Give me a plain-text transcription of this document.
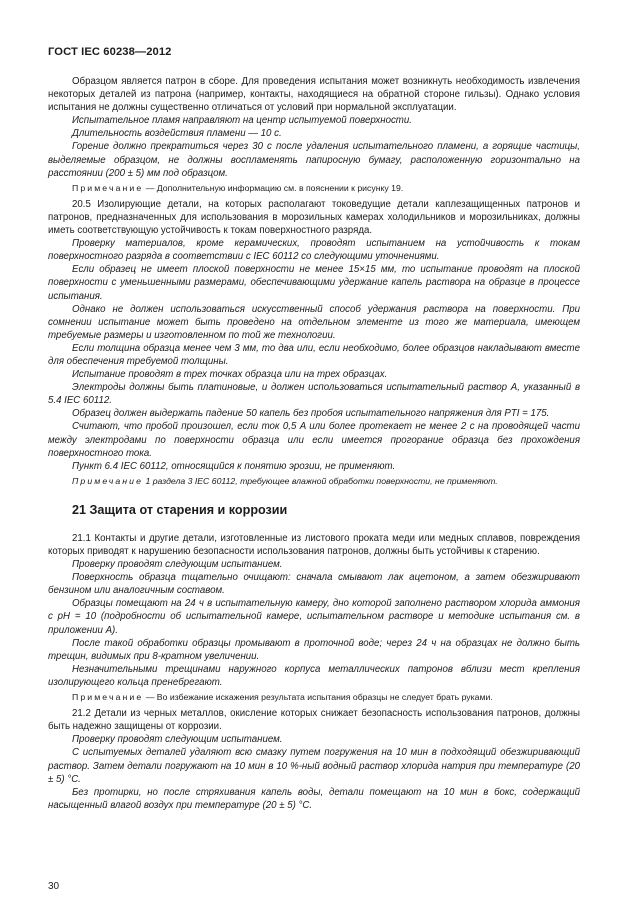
ГОСТ IEC 60238—2012

Образцом является патрон в сборе. Для проведения испытания может возникнуть необходимость извлечения некоторых деталей из патрона (например, контакты, находящиеся на обратной стороне гильзы). Однако условия испытания не должны существенно отличаться от условий при нормальной эксплуатации.

Испытательное пламя направляют на центр испытуемой поверхности.

Длительность воздействия пламени — 10 с.

Горение должно прекратиться через 30 с после удаления испытательного пламени, а горящие частицы, выделяемые образцом, не должны воспламенять папиросную бумагу, расположенную горизонтально на расстоянии (200 ± 5) мм под образцом.

Примечание — Дополнительную информацию см. в пояснении к рисунку 19.

20.5 Изолирующие детали, на которых располагают токоведущие детали каплезащищенных патронов и патронов, предназначенных для использования в морозильных камерах холодильников и морозильниках, должны иметь соответствующую устойчивость к токам поверхностного разряда.

Проверку материалов, кроме керамических, проводят испытанием на устойчивость к токам поверхностного разряда в соответствии с IEC 60112 со следующими уточнениями.

Если образец не имеет плоской поверхности не менее 15×15 мм, то испытание проводят на плоской поверхности с уменьшенными размерами, обеспечивающими удержание капель раствора на образце в процессе испытания.

Однако не должен использоваться искусственный способ удержания раствора на поверхности. При сомнении испытание может быть проведено на отдельном элементе из того же материала, имеющем требуемые размеры и изготовленном по той же технологии.

Если толщина образца менее чем 3 мм, то два или, если необходимо, более образцов накладывают вместе для обеспечения требуемой толщины.

Испытание проводят в трех точках образца или на трех образцах.

Электроды должны быть платиновые, и должен использоваться испытательный раствор A, указанный в 5.4 IEC 60112.

Образец должен выдержать падение 50 капель без пробоя испытательного напряжения для PTI = 175.

Считают, что пробой произошел, если ток 0,5 A или более протекает не менее 2 с на проводящей части между электродами по поверхности образца или если имеется прогорание образца без прохождения поверхностного тока.

Пункт 6.4 IEC 60112, относящийся к понятию эрозии, не применяют.

Примечание 1 раздела 3 IEC 60112, требующее влажной обработки поверхности, не применяют.

21 Защита от старения и коррозии

21.1 Контакты и другие детали, изготовленные из листового проката меди или медных сплавов, повреждения которых приводят к нарушению безопасности использования патронов, должны быть устойчивы к старению.

Проверку проводят следующим испытанием.

Поверхность образца тщательно очищают: сначала смывают лак ацетоном, а затем обезжиривают бензином или аналогичным составом.

Образцы помещают на 24 ч в испытательную камеру, дно которой заполнено раствором хлорида аммония с pH = 10 (подробности об испытательной камере, испытательном растворе и методике испытания см. в приложении A).

После такой обработки образцы промывают в проточной воде; через 24 ч на образцах не должно быть трещин, видимых при 8-кратном увеличении.

Незначительными трещинами наружного корпуса металлических патронов вблизи мест крепления изолирующего кольца пренебрегают.

Примечание — Во избежание искажения результата испытания образцы не следует брать руками.

21.2 Детали из черных металлов, окисление которых снижает безопасность использования патронов, должны быть надежно защищены от коррозии.

Проверку проводят следующим испытанием.

С испытуемых деталей удаляют всю смазку путем погружения на 10 мин в подходящий обезжиривающий раствор. Затем детали погружают на 10 мин в 10 %-ный водный раствор хлорида натрия при температуре (20 ± 5) °C.

Без протирки, но после стряхивания капель воды, детали помещают на 10 мин в бокс, содержащий насыщенный влагой воздух при температуре (20 ± 5) °C.

30
